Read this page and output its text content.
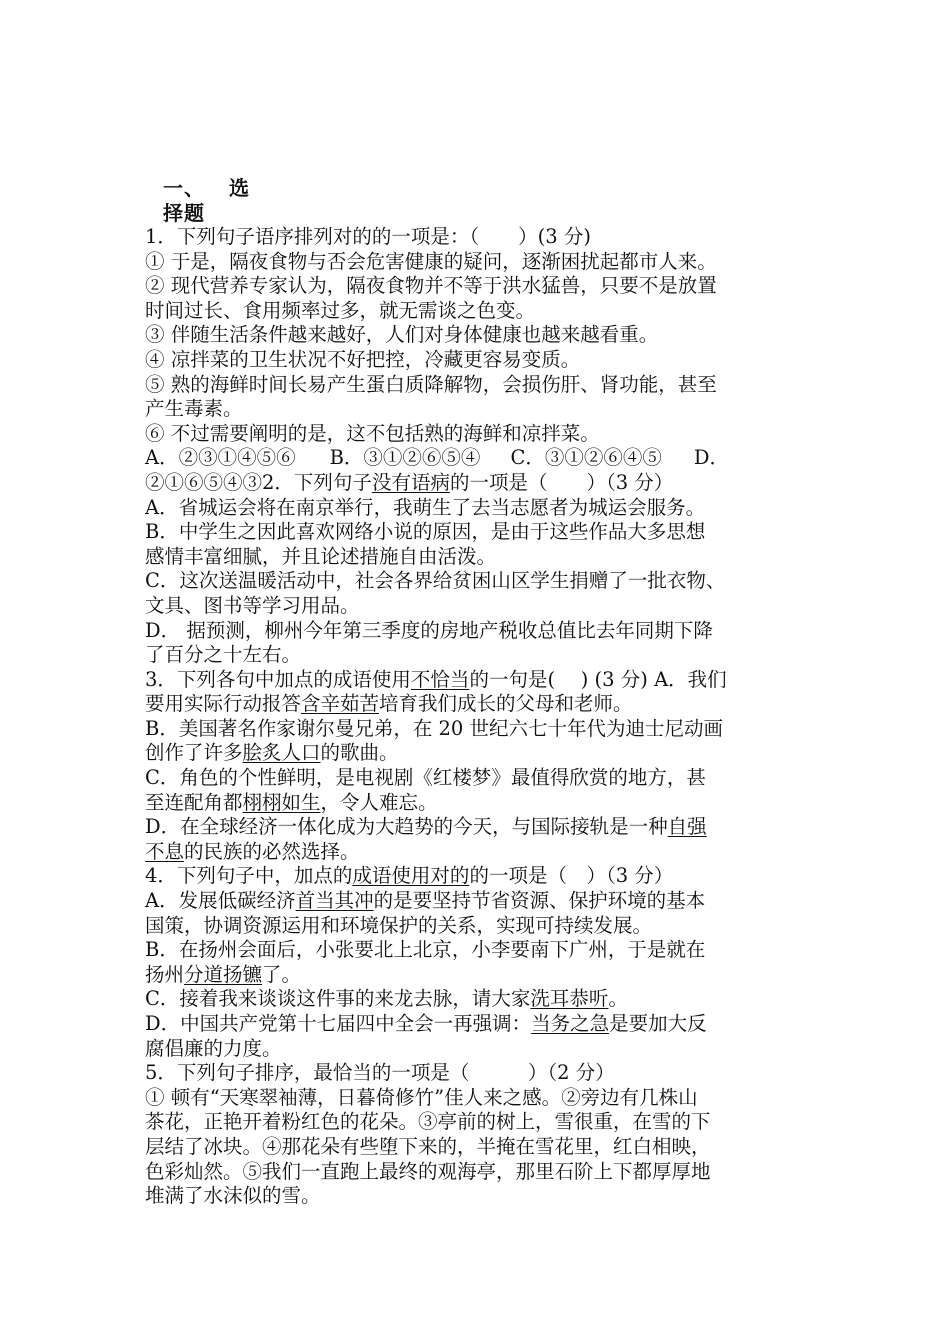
一、 选
择题
1．下列句子语序排列对的的一项是：（　　）(3 分)
① 于是，隔夜食物与否会危害健康的疑问，逐渐困扰起都市人来。
② 现代营养专家认为，隔夜食物并不等于洪水猛兽，只要不是放置
时间过长、食用频率过多，就无需谈之色变。
③ 伴随生活条件越来越好，人们对身体健康也越来越看重。
④ 凉拌菜的卫生状况不好把控，冷藏更容易变质。
⑤ 熟的海鲜时间长易产生蛋白质降解物，会损伤肝、肾功能，甚至
产生毒素。
⑥ 不过需要阐明的是，这不包括熟的海鲜和凉拌菜。
A．②③①④⑤⑥ B．③①②⑥⑤④ C．③①②⑥④⑤ D．
②①⑥⑤④③2．下列句子没有语病的一项是（　　）（3 分）
A．省城运会将在南京举行，我萌生了去当志愿者为城运会服务。
B．中学生之因此喜欢网络小说的原因，是由于这些作品大多思想
感情丰富细腻，并且论述措施自由活泼。
C．这次送温暖活动中，社会各界给贫困山区学生捐赠了一批衣物、
文具、图书等学习用品。
D． 据预测，柳州今年第三季度的房地产税收总值比去年同期下降
了百分之十左右。
3．下列各句中加点的成语使用不恰当的一句是(　 ) (3 分) A．我们
要用实际行动报答含辛茹苦培育我们成长的父母和老师。
B．美国著名作家谢尔曼兄弟，在 20 世纪六七十年代为迪士尼动画
创作了许多脍炙人口的歌曲。
C．角色的个性鲜明，是电视剧《红楼梦》最值得欣赏的地方，甚
至连配角都栩栩如生，令人难忘。
D．在全球经济一体化成为大趋势的今天，与国际接轨是一种自强
不息的民族的必然选择。
4．下列句子中，加点的成语使用对的的一项是（　）（3 分）
A．发展低碳经济首当其冲的是要坚持节省资源、保护环境的基本
国策，协调资源运用和环境保护的关系，实现可持续发展。
B．在扬州会面后，小张要北上北京，小李要南下广州，于是就在
扬州分道扬镳了。
C．接着我来谈谈这件事的来龙去脉，请大家洗耳恭听。
D．中国共产党第十七届四中全会一再强调：当务之急是要加大反
腐倡廉的力度。
5．下列句子排序，最恰当的一项是（　　　）（2 分）
① 顿有“天寒翠袖薄，日暮倚修竹”佳人来之感。②旁边有几株山
茶花，正艳开着粉红色的花朵。③亭前的树上，雪很重，在雪的下
层结了冰块。④那花朵有些堕下来的，半掩在雪花里，红白相映，
色彩灿然。⑤我们一直跑上最终的观海亭，那里石阶上下都厚厚地
堆满了水沫似的雪。
